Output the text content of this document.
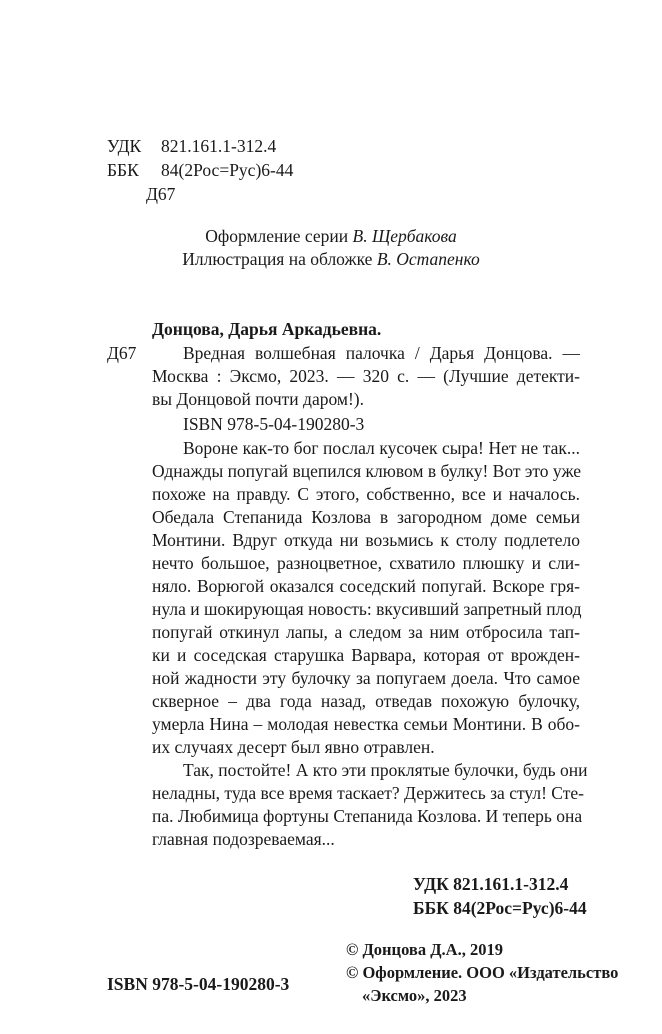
УДК 821.161.1-312.4
ББК 84(2Рос=Рус)6-44
Д67
Оформление серии В. Щербакова
Иллюстрация на обложке В. Остапенко
Донцова, Дарья Аркадьевна.
Д67	Вредная волшебная палочка / Дарья Донцова. —
Москва : Эксмо, 2023. — 320 с. — (Лучшие детекти-
вы Донцовой почти даром!).
ISBN 978-5-04-190280-3
Вороне как-то бог послал кусочек сыра! Нет не так...
Однажды попугай вцепился клювом в булку! Вот это уже
похоже на правду. С этого, собственно, все и началось.
Обедала Степанида Козлова в загородном доме семьи
Монтини. Вдруг откуда ни возьмись к столу подлетело
нечто большое, разноцветное, схватило плюшку и сли-
няло. Ворюгой оказался соседский попугай. Вскоре гря-
нула и шокирующая новость: вкусивший запретный плод
попугай откинул лапы, а следом за ним отбросила тап-
ки и соседская старушка Варвара, которая от врожден-
ной жадности эту булочку за попугаем доела. Что самое
скверное – два года назад, отведав похожую булочку,
умерла Нина – молодая невестка семьи Монтини. В обо-
их случаях десерт был явно отравлен.
Так, постойте! А кто эти проклятые булочки, будь они
неладны, туда все время таскает? Держитесь за стул! Сте-
па. Любимица фортуны Степанида Козлова. И теперь она
главная подозреваемая...
УДК 821.161.1-312.4
ББК 84(2Рос=Рус)6-44
© Донцова Д.А., 2019
© Оформление. ООО «Издательство
«Эксмо», 2023
ISBN 978-5-04-190280-3
